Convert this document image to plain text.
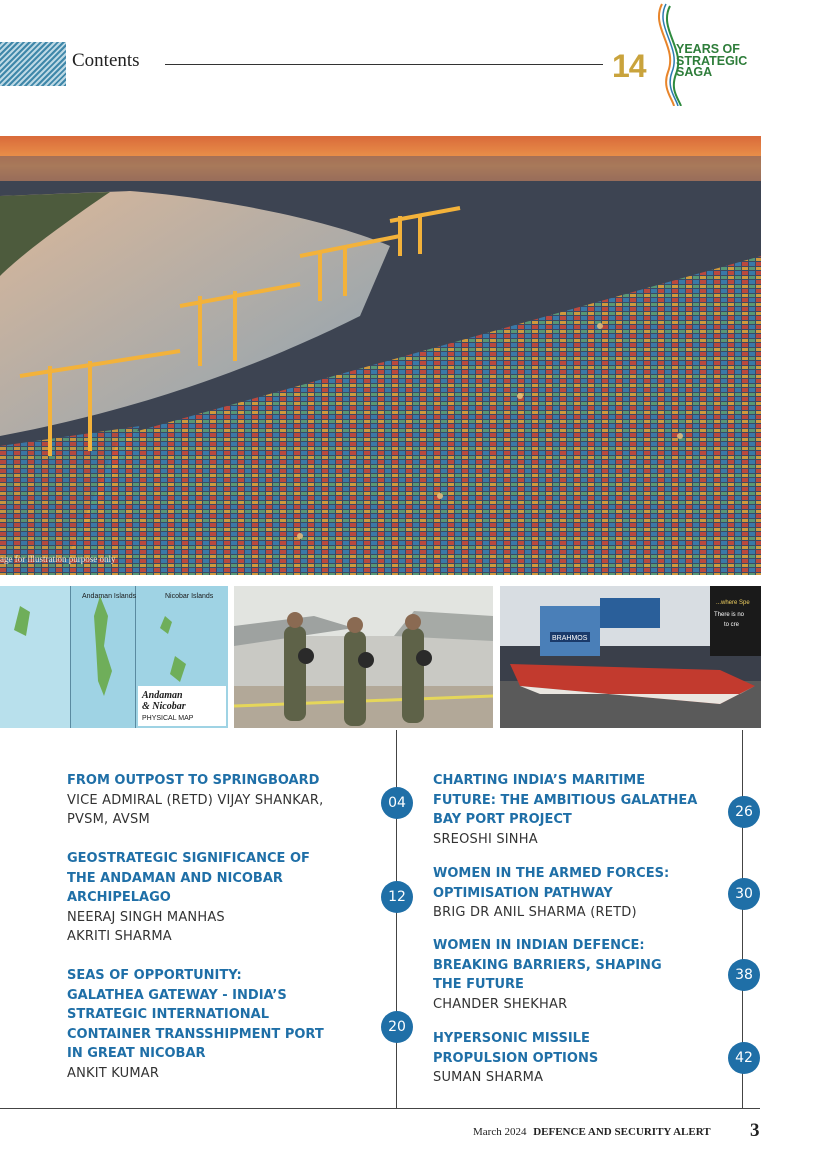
Contents	14 YEARS OF
STRATEGIC
SAGA
age for illustration purpose only
Andaman Islands	Nicobar Islands
Andaman
& Nicobar
PHYSICAL MAP
BRAHMOS
...where Spe
There is no
to cre
FROM OUTPOST TO SPRINGBOARD
VICE ADMIRAL (RETD) VIJAY SHANKAR,
PVSM, AVSM
04
GEOSTRATEGIC SIGNIFICANCE OF
THE ANDAMAN AND NICOBAR
ARCHIPELAGO
NEERAJ SINGH MANHAS
AKRITI SHARMA
12
SEAS OF OPPORTUNITY:
GALATHEA GATEWAY - INDIA’S
STRATEGIC INTERNATIONAL
CONTAINER TRANSSHIPMENT PORT
IN GREAT NICOBAR
ANKIT KUMAR
20
CHARTING INDIA’S MARITIME
FUTURE: THE AMBITIOUS GALATHEA
BAY PORT PROJECT
SREOSHI SINHA
26
WOMEN IN THE ARMED FORCES:
OPTIMISATION PATHWAY
BRIG DR ANIL SHARMA (RETD)
30
WOMEN IN INDIAN DEFENCE:
BREAKING BARRIERS, SHAPING
THE FUTURE
CHANDER SHEKHAR
38
HYPERSONIC MISSILE
PROPULSION OPTIONS
SUMAN SHARMA
42
March 2024 DEFENCE AND SECURITY ALERT 3
